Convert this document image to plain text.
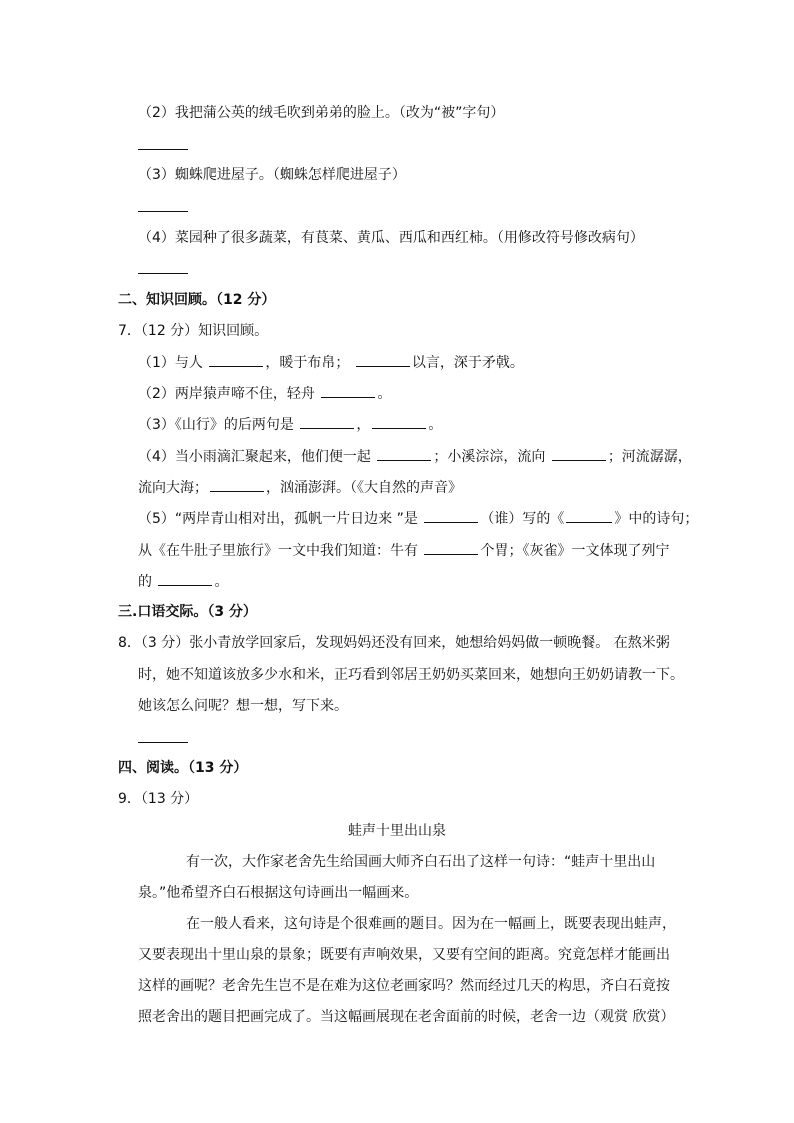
（2）我把蒲公英的绒毛吹到弟弟的脸上。（改为“被”字句）
（3）蜘蛛爬进屋子。（蜘蛛怎样爬进屋子）
（4）菜园种了很多蔬菜，有茛菜、黄瓜、西瓜和西红柿。（用修改符号修改病句）
二、知识回顾。（12 分）
7．（12 分）知识回顾。
（1）与人	，暖于布帛；	以言，深于矛戟。
（2）两岸猿声啼不住，轻舟	。
（3）《山行》的后两句是	，	。
（4）当小雨滴汇聚起来，他们便一起	；小溪淙淙，流向	；河流潺潺，
流向大海；	，汹涌澎湃。（《大自然的声音》
（5）“两岸青山相对出，孤帆一片日边来 ”是	（谁）写的《	》中的诗句；
从《在牛肚子里旅行》一文中我们知道：牛有	个胃；《灰雀》一文体现了列宁
的	。
三.口语交际。（3 分）
8．（3 分）张小青放学回家后，发现妈妈还没有回来，她想给妈妈做一顿晚餐。 在熬米粥
时，她不知道该放多少水和米，正巧看到邻居王奶奶买菜回来，她想向王奶奶请教一下。
她该怎么问呢？想一想，写下来。
四、阅读。（13 分）
9．（13 分）
蛙声十里出山泉
有一次，大作家老舍先生给国画大师齐白石出了这样一句诗：“蛙声十里出山
泉。”他希望齐白石根据这句诗画出一幅画来。
在一般人看来，这句诗是个很难画的题目。因为在一幅画上，既要表现出蛙声，
又要表现出十里山泉的景象；既要有声响效果，又要有空间的距离。究竟怎样才能画出
这样的画呢？老舍先生岂不是在难为这位老画家吗？然而经过几天的构思，齐白石竟按
照老舍出的题目把画完成了。当这幅画展现在老舍面前的时候，老舍一边（观赏 欣赏）
